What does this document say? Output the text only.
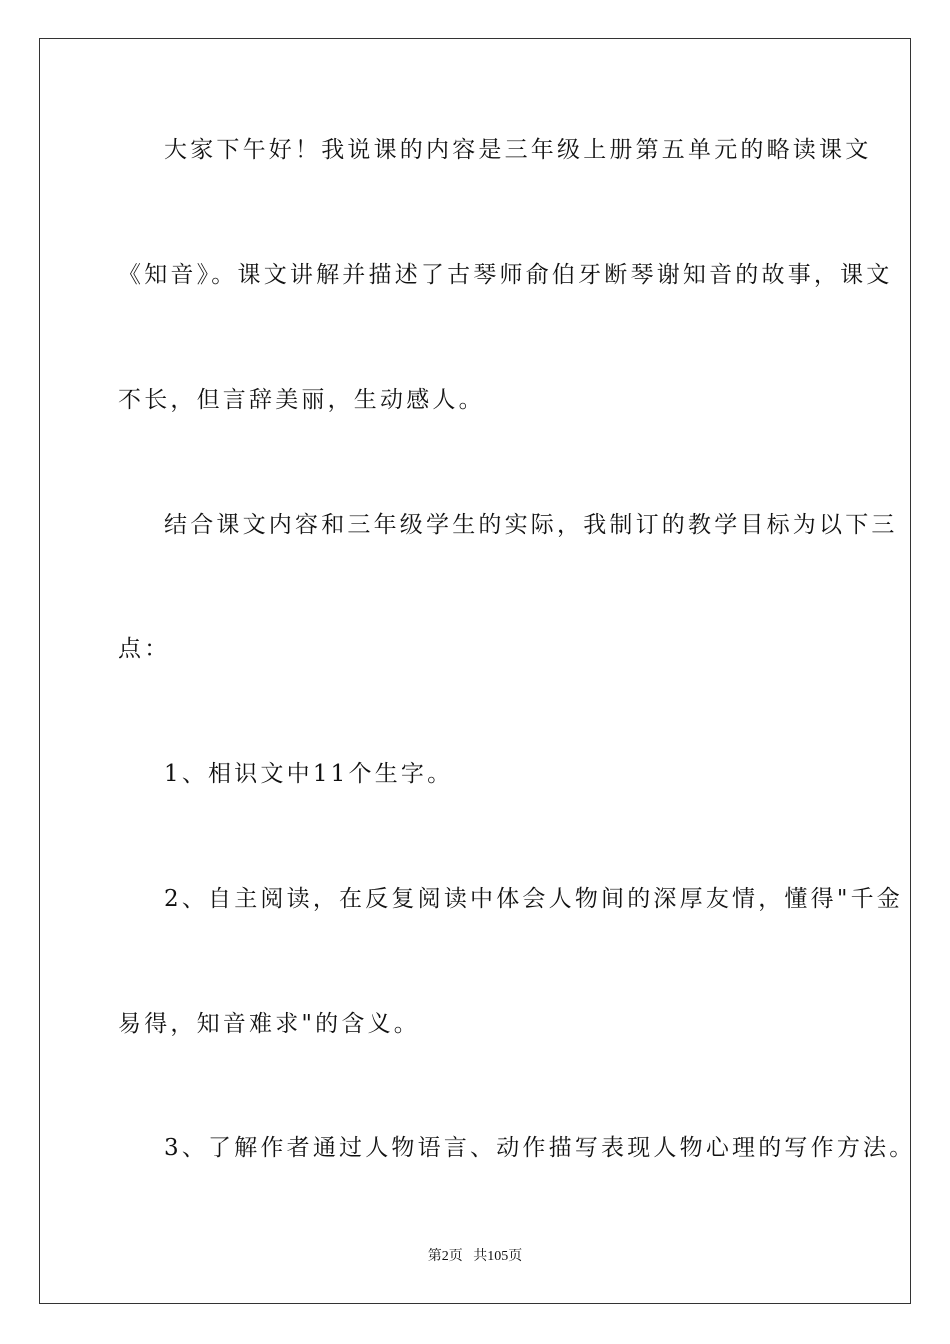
大家下午好！我说课的内容是三年级上册第五单元的略读课文
《知音》。课文讲解并描述了古琴师俞伯牙断琴谢知音的故事，课文
不长，但言辞美丽，生动感人。
结合课文内容和三年级学生的实际，我制订的教学目标为以下三
点：
1、相识文中11个生字。
2、自主阅读，在反复阅读中体会人物间的深厚友情，懂得"千金
易得，知音难求"的含义。
3、了解作者通过人物语言、动作描写表现人物心理的写作方法。
第2页 共105页
